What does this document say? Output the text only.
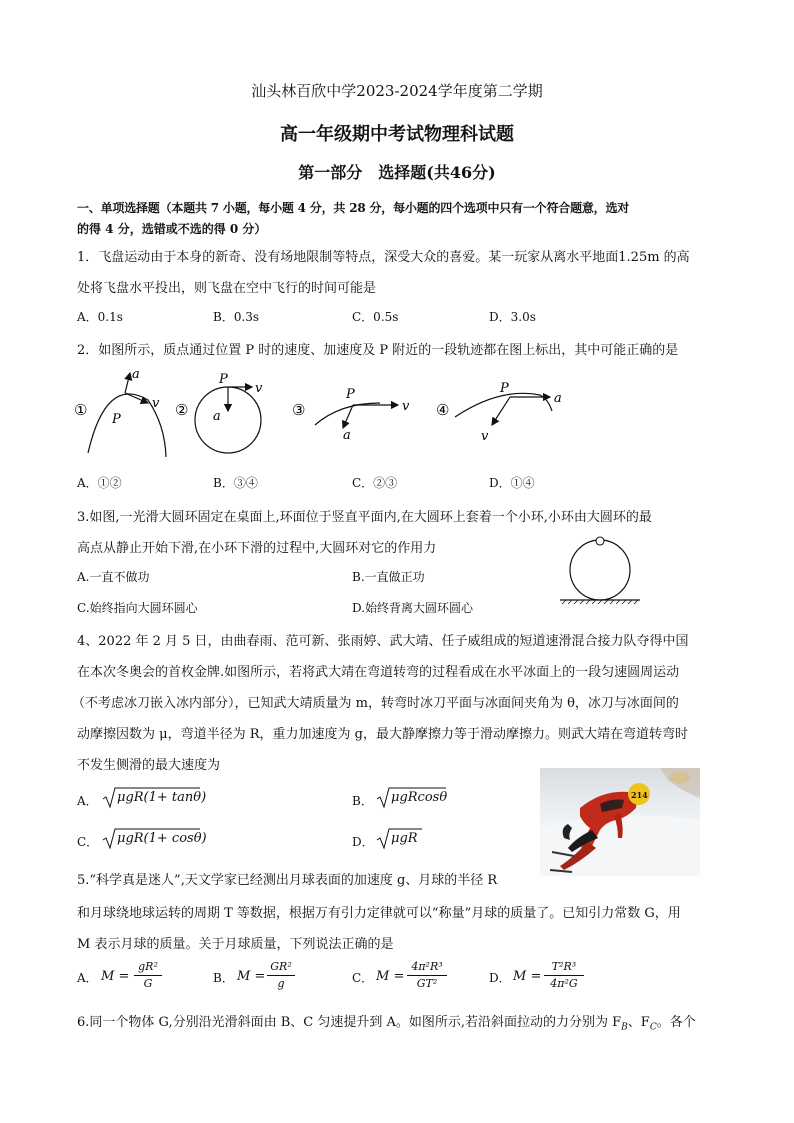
汕头林百欣中学2023-2024学年度第二学期
高一年级期中考试物理科试题
第一部分　选择题(共46分)
一、单项选择题（本题共 7 小题，每小题 4 分，共 28 分，每小题的四个选项中只有一个符合题意，选对
的得 4 分，选错或不选的得 0 分）
1．飞盘运动由于本身的新奇、没有场地限制等特点，深受大众的喜爱。某一玩家从离水平地面1.25m 的高
处将飞盘水平投出，则飞盘在空中飞行的时间可能是
A．0.1s	B．0.3s	C．0.5s	D．3.0s
2．如图所示，质点通过位置 P 时的速度、加速度及 P 附近的一段轨迹都在图上标出，其中可能正确的是
①
P
v
a
②
P
v
a	③
P
v
a
④
P
a
v
A．①②	B．③④	C．②③	D．①④
3.如图,一光滑大圆环固定在桌面上,环面位于竖直平面内,在大圆环上套着一个小环,小环由大圆环的最
高点从静止开始下滑,在小环下滑的过程中,大圆环对它的作用力
A.一直不做功	B.一直做正功
C.始终指向大圆环圆心	D.始终背离大圆环圆心
4、2022 年 2 月 5 日，由曲春雨、范可新、张雨婷、武大靖、任子威组成的短道速滑混合接力队夺得中国
在本次冬奥会的首枚金牌.如图所示，若将武大靖在弯道转弯的过程看成在水平冰面上的一段匀速圆周运动
（不考虑冰刀嵌入冰内部分），已知武大靖质量为 m，转弯时冰刀平面与冰面间夹角为 θ，冰刀与冰面间的
动摩擦因数为 μ，弯道半径为 R，重力加速度为 g，最大静摩擦力等于滑动摩擦力。则武大靖在弯道转弯时
不发生侧滑的最大速度为
A． μgR(1+ tanθ)	B． μgRcosθ
C． μgR(1+ cosθ)	D． μgR
214
5.“科学真是迷人”,天文学家已经测出月球表面的加速度 g、月球的半径 R
和月球绕地球运转的周期 T 等数据，根据万有引力定律就可以“称量”月球的质量了。已知引力常数 G，用
M 表示月球的质量。关于月球质量，下列说法正确的是
A． M =
gR²
G	B． M =
GR²
g	C． M =
4π²R³
GT²	D． M =
T²R³
4π²G
6.同一个物体 G,分别沿光滑斜面由 B、C 匀速提升到 A。如图所示,若沿斜面拉动的力分别为 $F_B$、$F_C$。各个
